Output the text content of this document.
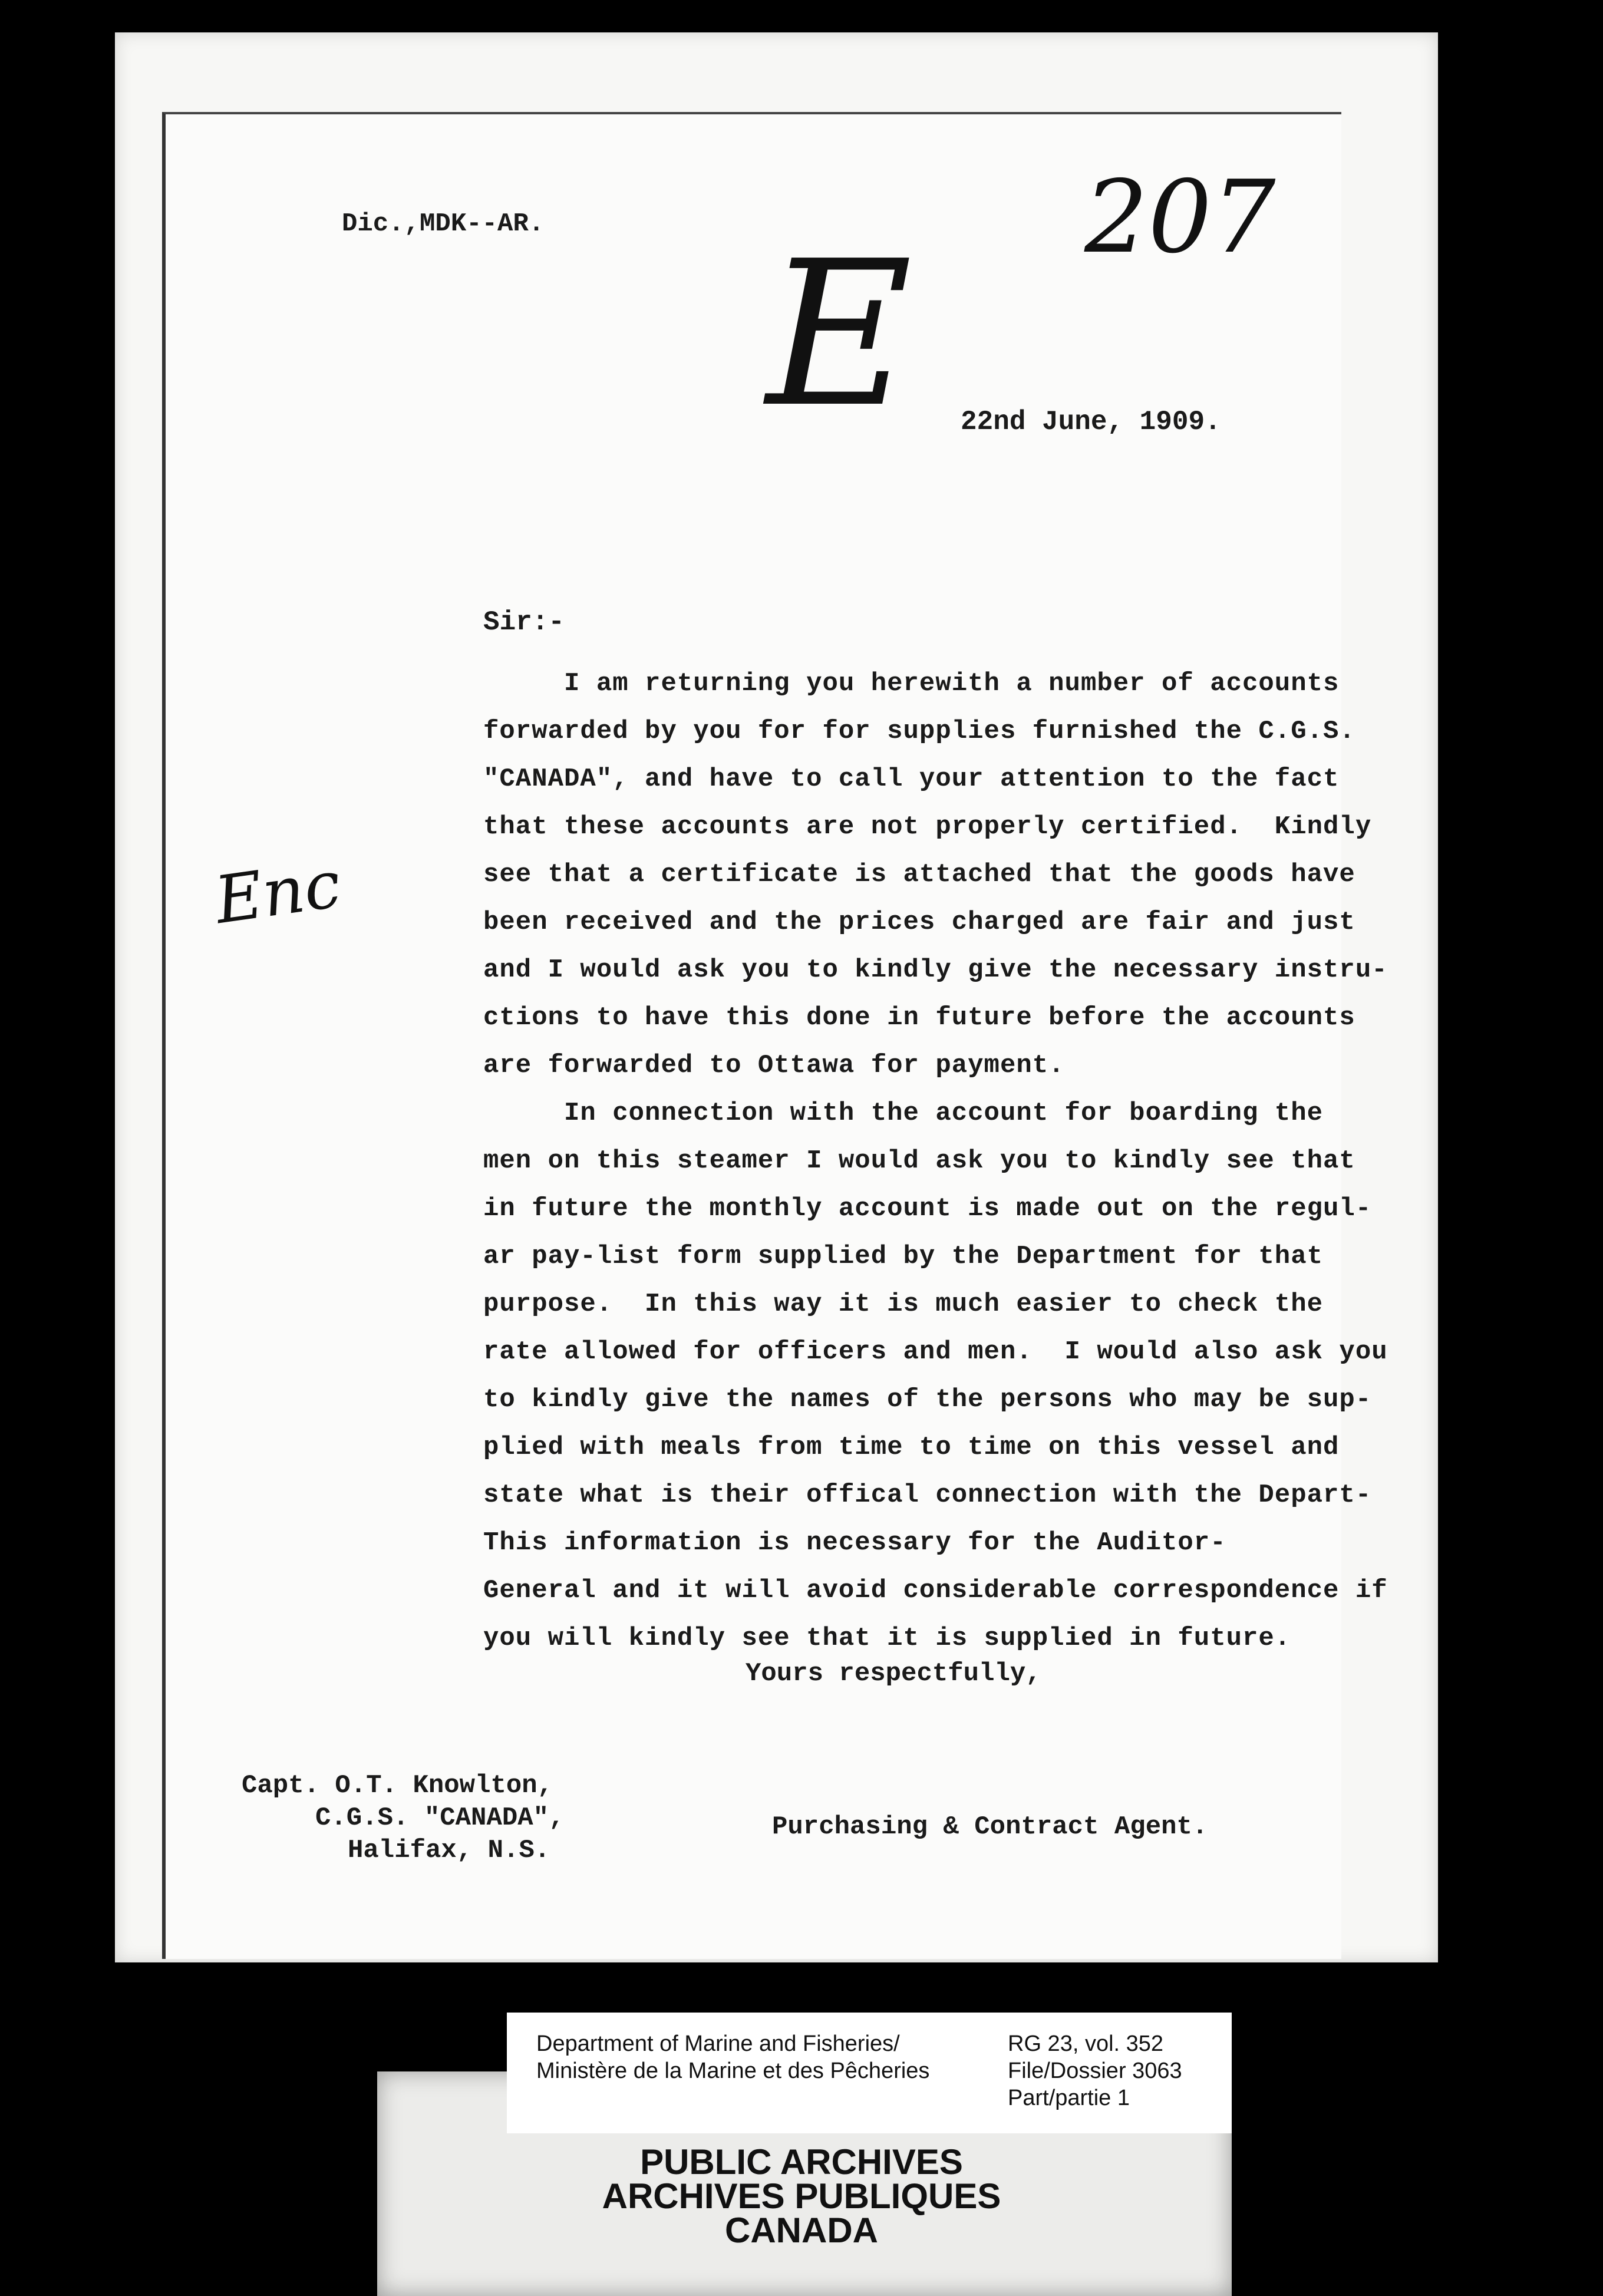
207
E
Enc
Dic.,MDK--AR.
22nd June, 1909.
Sir:-
I am returning you herewith a number of accounts
forwarded by you for for supplies furnished the C.G.S.
"CANADA", and have to call your attention to the fact
that these accounts are not properly certified.  Kindly
see that a certificate is attached that the goods have
been received and the prices charged are fair and just
and I would ask you to kindly give the necessary instru-
ctions to have this done in future before the accounts
are forwarded to Ottawa for payment.
In connection with the account for boarding the
men on this steamer I would ask you to kindly see that
in future the monthly account is made out on the regul-
ar pay-list form supplied by the Department for that
purpose.  In this way it is much easier to check the
rate allowed for officers and men.  I would also ask you
to kindly give the names of the persons who may be sup-
plied with meals from time to time on this vessel and
state what is their offical connection with the Depart-
This information is necessary for the Auditor-
General and it will avoid considerable correspondence if
you will kindly see that it is supplied in future.
Yours respectfully,
Capt. O.T. Knowlton,
C.G.S. "CANADA",
Halifax, N.S.
Purchasing & Contract Agent.
Department of Marine and Fisheries/
Ministère de la Marine et des Pêcheries
RG 23, vol. 352
File/Dossier 3063
Part/partie 1
PUBLIC ARCHIVES
ARCHIVES PUBLIQUES
CANADA
